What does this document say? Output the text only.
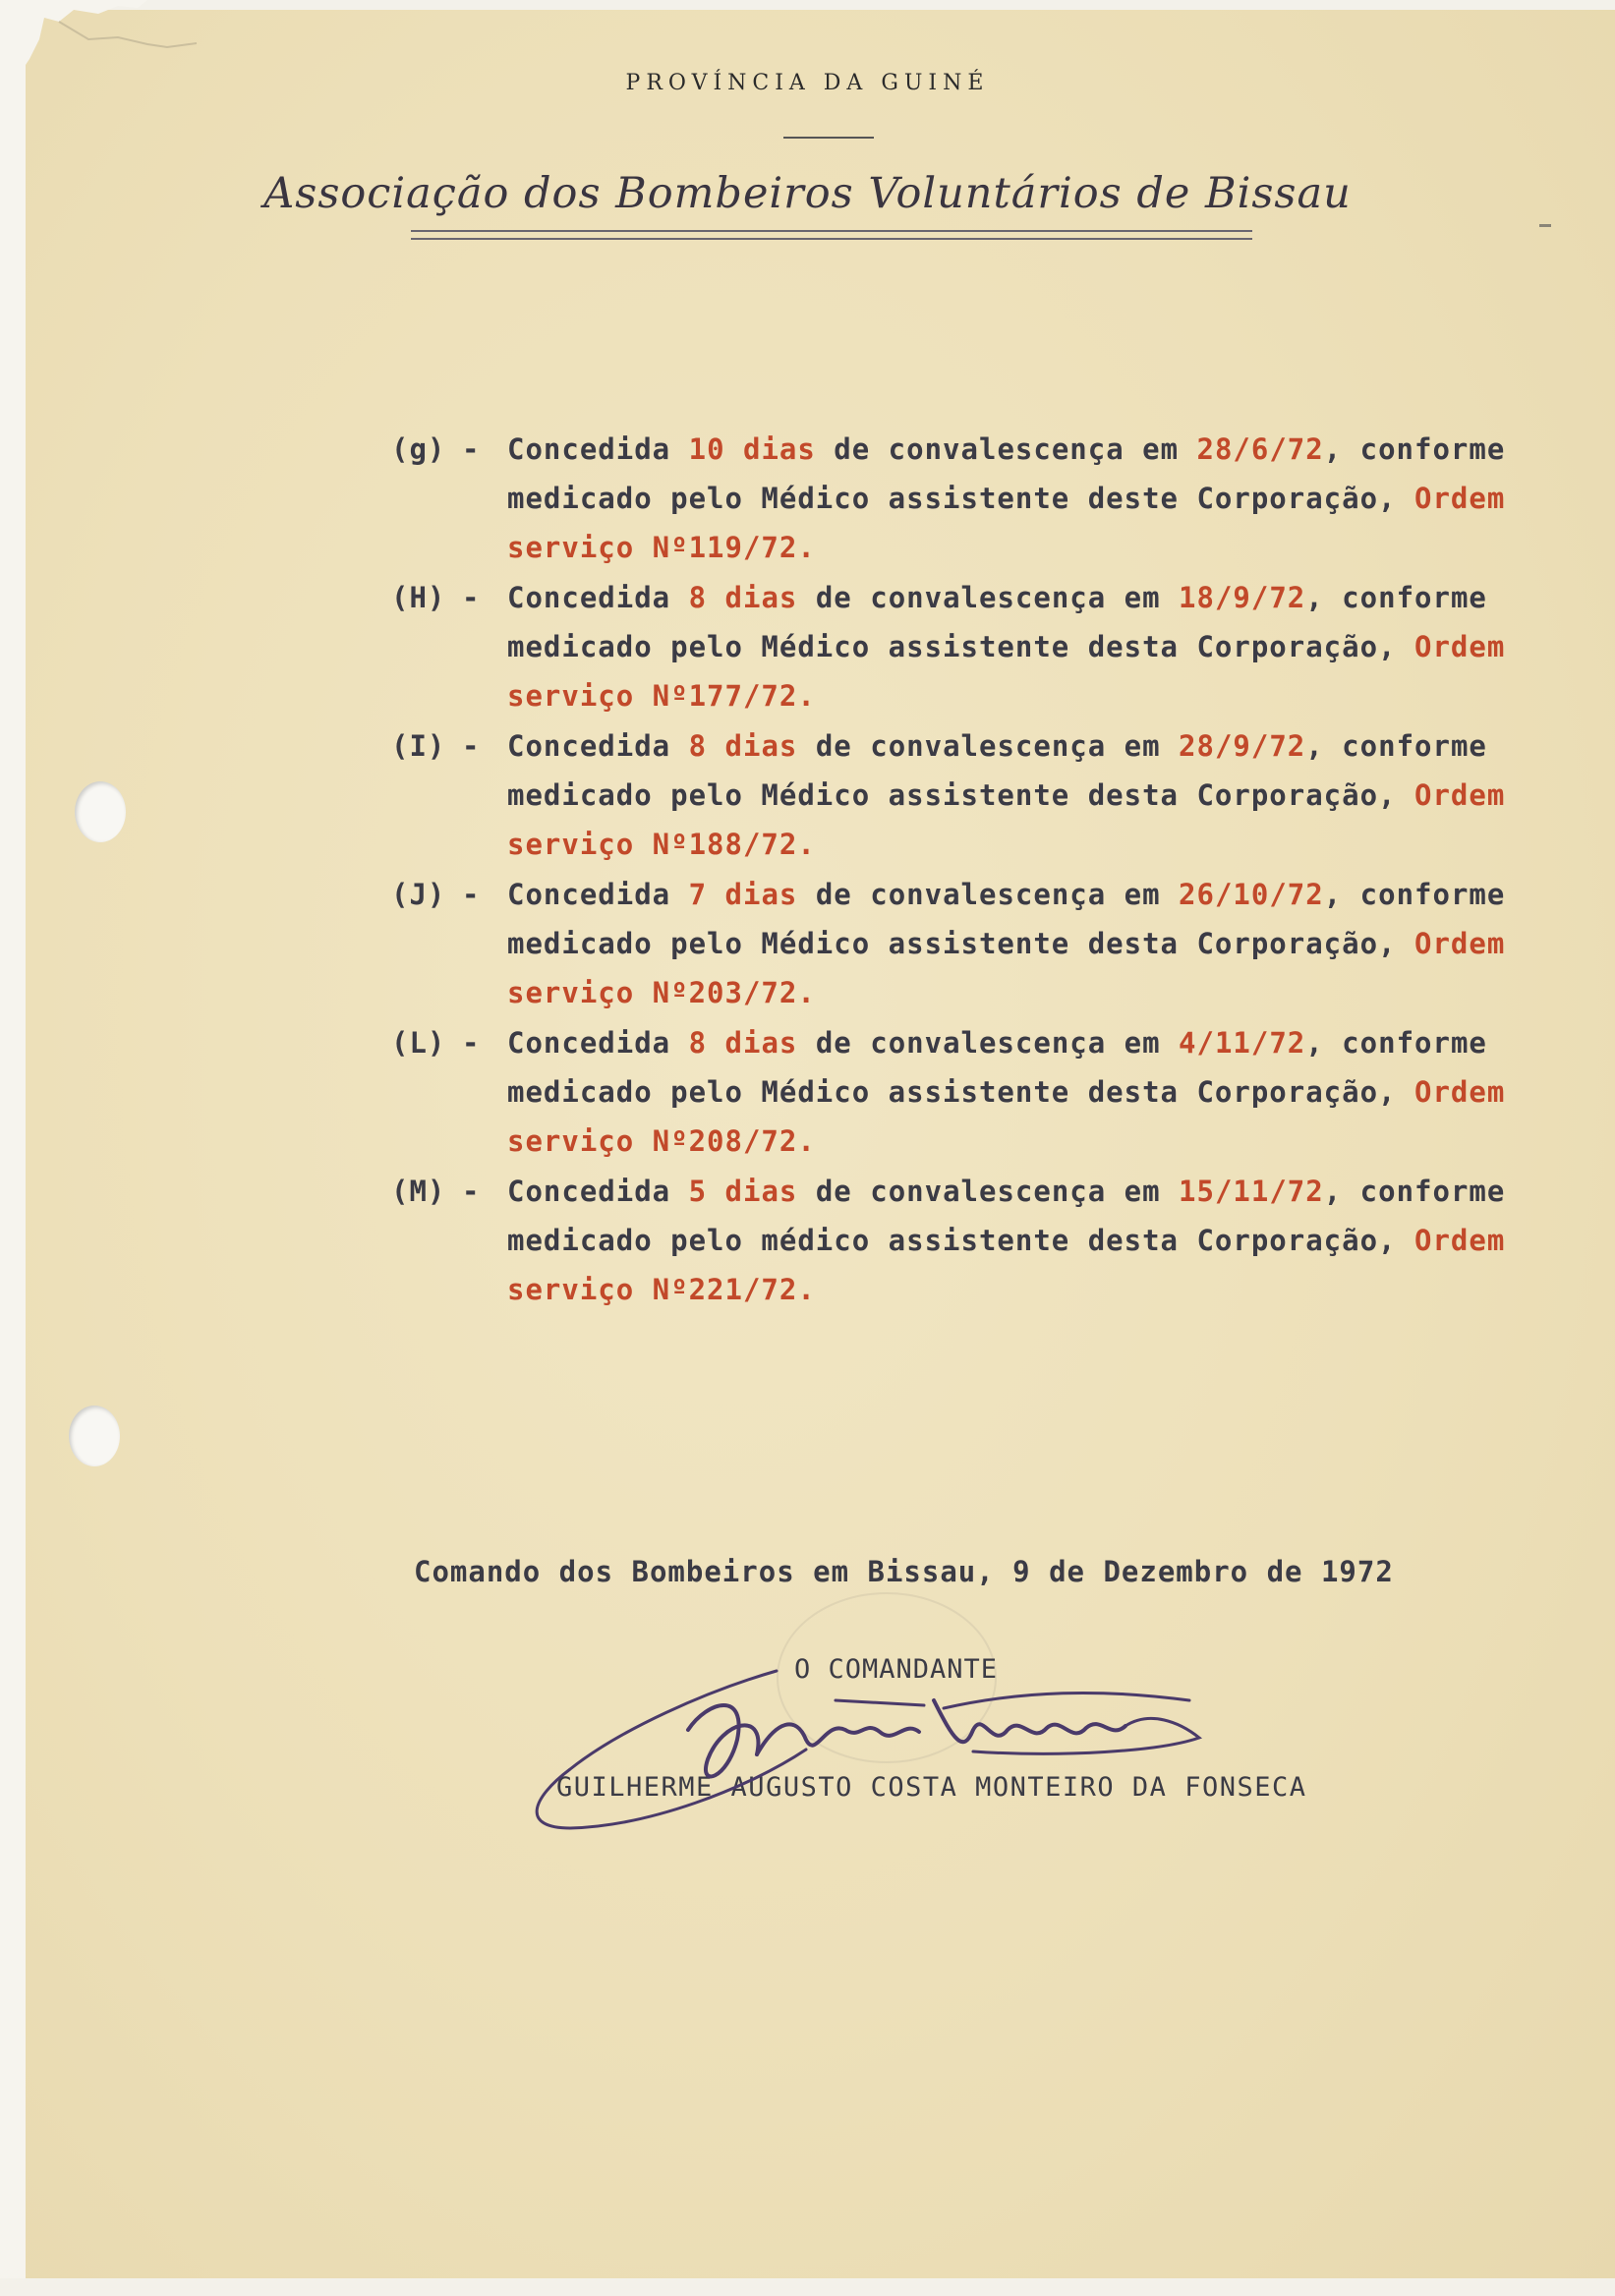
PROVÍNCIA DA GUINÉ
Associação dos Bombeiros Voluntários de Bissau
(g) - Concedida 10 dias de convalescença em 28/6/72, conforme
medicado pelo Médico assistente deste Corporação, Ordem
serviço Nº119/72.
(H) - Concedida 8 dias de convalescença em 18/9/72, conforme
medicado pelo Médico assistente desta Corporação, Ordem
serviço Nº177/72.
(I) - Concedida 8 dias de convalescença em 28/9/72, conforme
medicado pelo Médico assistente desta Corporação, Ordem
serviço Nº188/72.
(J) - Concedida 7 dias de convalescença em 26/10/72, conforme
medicado pelo Médico assistente desta Corporação, Ordem
serviço Nº203/72.
(L) - Concedida 8 dias de convalescença em 4/11/72, conforme
medicado pelo Médico assistente desta Corporação, Ordem
serviço Nº208/72.
(M) - Concedida 5 dias de convalescença em 15/11/72, conforme
medicado pelo médico assistente desta Corporação, Ordem
serviço Nº221/72.
Comando dos Bombeiros em Bissau, 9 de Dezembro de 1972
O COMANDANTE
GUILHERME AUGUSTO COSTA MONTEIRO DA FONSECA
